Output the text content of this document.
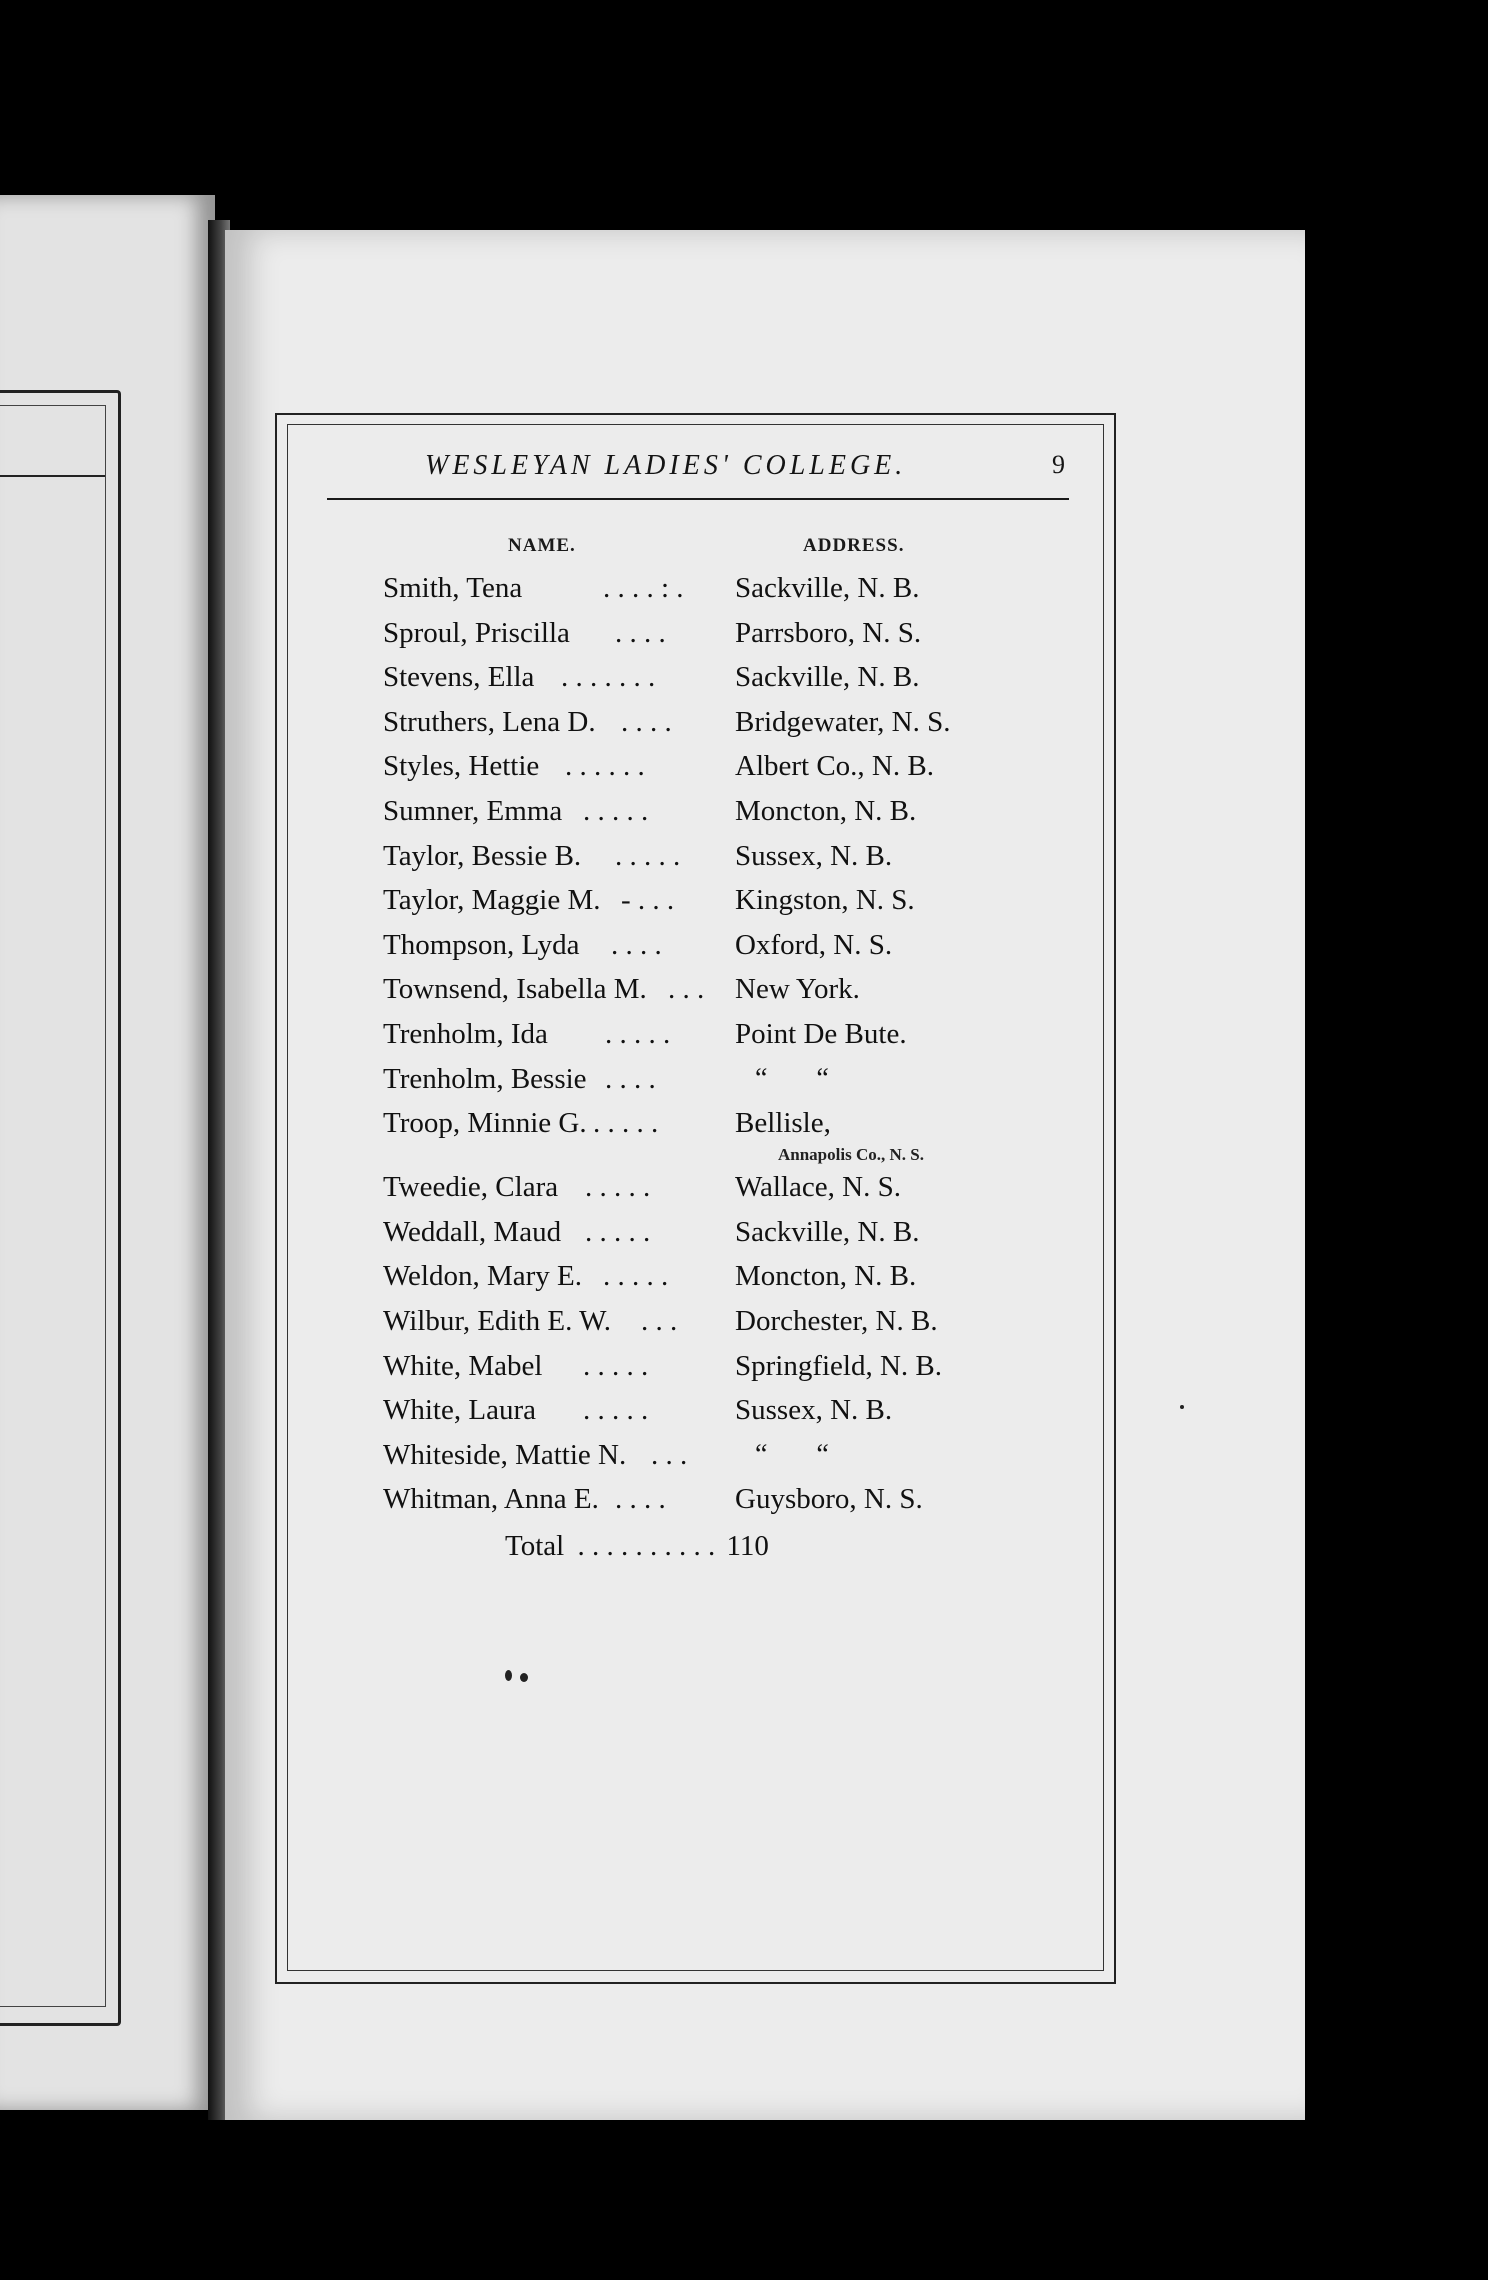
WESLEYAN LADIES' COLLEGE.	9
NAME.	ADDRESS.
Smith, Tena	. . . . : . Sackville, N. B.
Sproul, Priscilla . . . . Parrsboro, N. S.
Stevens, Ella . . . . . . .	Sackville, N. B.
Struthers, Lena D. . . . . Bridgewater, N. S.
Styles, Hettie . . . . . .	Albert Co., N. B.
Sumner, Emma . . . . .	Moncton, N. B.
Taylor, Bessie B. . . . . . Sussex, N. B.
Taylor, Maggie M. - . . . Kingston, N. S.
Thompson, Lyda . . . .	Oxford, N. S.
Townsend, Isabella M. . . . New York.
Trenholm, Ida . . . . . Point De Bute.
Trenholm, Bessie . . . .	“       “
Troop, Minnie G. . . . . .	Bellisle,
Annapolis Co., N. S.
Tweedie, Clara . . . . .	Wallace, N. S.
Weddall, Maud . . . . .	Sackville, N. B.
Weldon, Mary E. . . . . . Moncton, N. B.
Wilbur, Edith E. W. . . . Dorchester, N. B.
White, Mabel . . . . .	Springfield, N. B.
White, Laura . . . . .	Sussex, N. B.
Whiteside, Mattie N. . . . “       “
Whitman, Anna E. . . . . Guysboro, N. S.
Total . . . . . . . . . . 110
